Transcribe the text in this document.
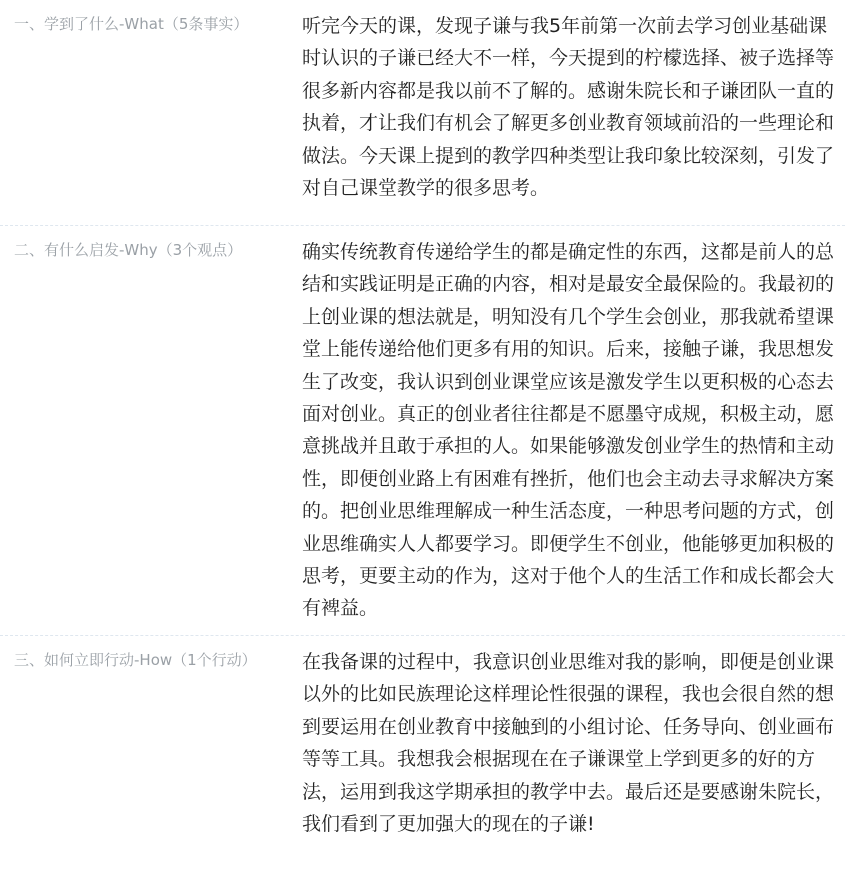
一、学到了什么-What（5条事实）	听完今天的课，发现子谦与我5年前第一次前去学习创业基础课时认识的子谦已经大不一样，今天提到的柠檬选择、被子选择等很多新内容都是我以前不了解的。感谢朱院长和子谦团队一直的执着，才让我们有机会了解更多创业教育领域前沿的一些理论和做法。今天课上提到的教学四种类型让我印象比较深刻，引发了对自己课堂教学的很多思考。
二、有什么启发-Why（3个观点）	确实传统教育传递给学生的都是确定性的东西，这都是前人的总结和实践证明是正确的内容，相对是最安全最保险的。我最初的上创业课的想法就是，明知没有几个学生会创业，那我就希望课堂上能传递给他们更多有用的知识。后来，接触子谦，我思想发生了改变，我认识到创业课堂应该是激发学生以更积极的心态去面对创业。真正的创业者往往都是不愿墨守成规，积极主动，愿意挑战并且敢于承担的人。如果能够激发创业学生的热情和主动性，即便创业路上有困难有挫折，他们也会主动去寻求解决方案的。把创业思维理解成一种生活态度，一种思考问题的方式，创业思维确实人人都要学习。即便学生不创业，他能够更加积极的思考，更要主动的作为，这对于他个人的生活工作和成长都会大有裨益。
三、如何立即行动-How（1个行动）	在我备课的过程中，我意识创业思维对我的影响，即便是创业课以外的比如民族理论这样理论性很强的课程，我也会很自然的想到要运用在创业教育中接触到的小组讨论、任务导向、创业画布等等工具。我想我会根据现在在子谦课堂上学到更多的好的方法，运用到我这学期承担的教学中去。最后还是要感谢朱院长，我们看到了更加强大的现在的子谦!
